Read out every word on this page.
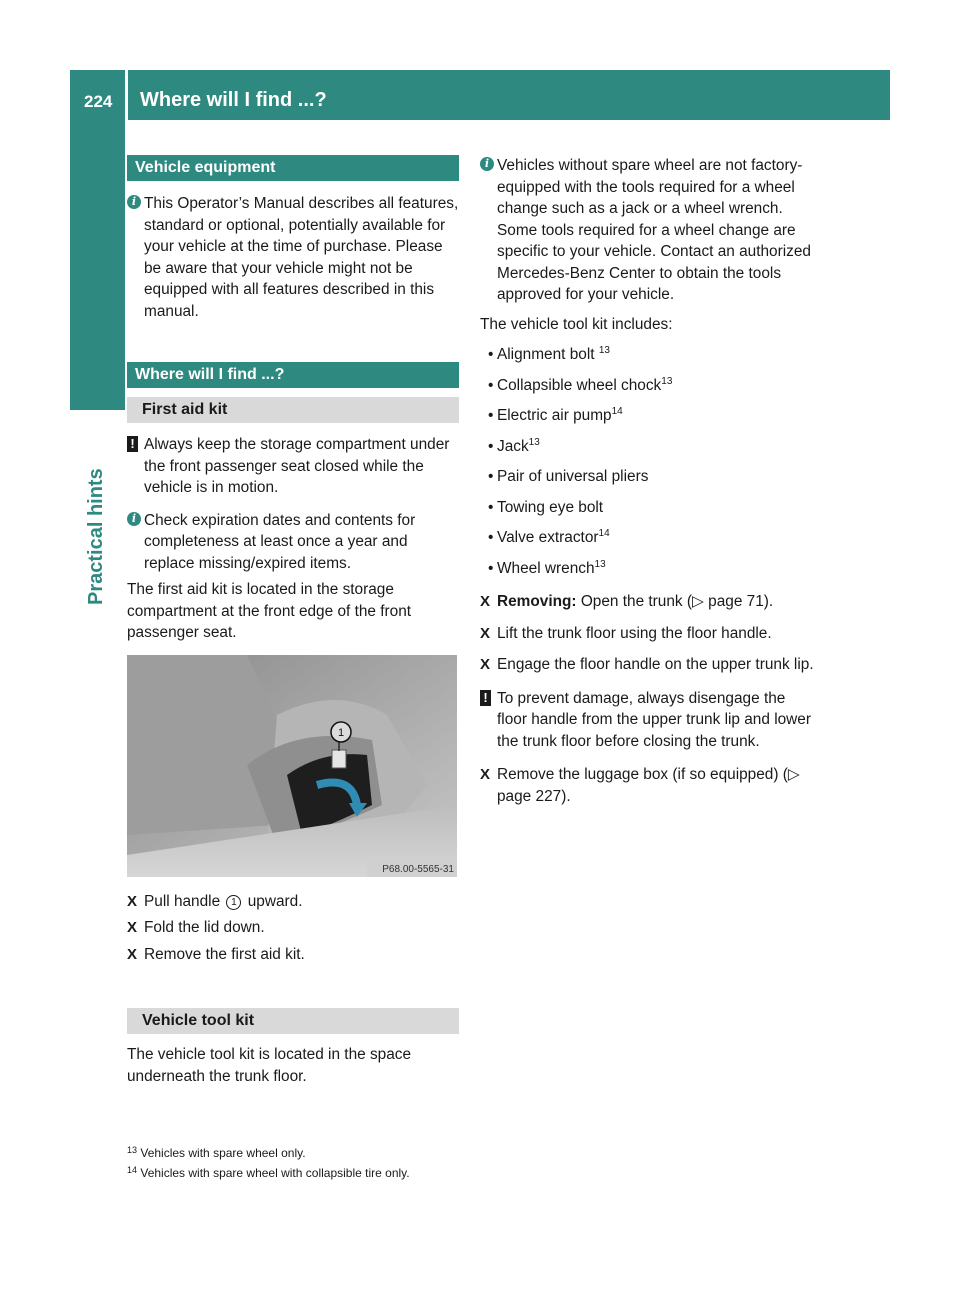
224 Where will I find ...?
Practical hints
Vehicle equipment
i This Operator’s Manual describes all features, standard or optional, potentially available for your vehicle at the time of purchase. Please be aware that your vehicle might not be equipped with all features described in this manual.
Where will I find ...?
First aid kit
! Always keep the storage compartment under the front passenger seat closed while the vehicle is in motion.
i Check expiration dates and contents for completeness at least once a year and replace missing/expired items.
The first aid kit is located in the storage compartment at the front edge of the front passenger seat.
1
P68.00-5565-31
X Pull handle 1 upward.
X Fold the lid down.
X Remove the first aid kit.
Vehicle tool kit
The vehicle tool kit is located in the space underneath the trunk floor.
i Vehicles without spare wheel are not factory-equipped with the tools required for a wheel change such as a jack or a wheel wrench. Some tools required for a wheel change are specific to your vehicle. Contact an authorized Mercedes-Benz Center to obtain the tools approved for your vehicle.
The vehicle tool kit includes:
• Alignment bolt $^{13}$
• Collapsible wheel chock$^{13}$
• Electric air pump$^{14}$
• Jack$^{13}$
• Pair of universal pliers
• Towing eye bolt
• Valve extractor$^{14}$
• Wheel wrench$^{13}$
X Removing: Open the trunk (▷ page 71).
X Lift the trunk floor using the floor handle.
X Engage the floor handle on the upper trunk lip.
! To prevent damage, always disengage the floor handle from the upper trunk lip and lower the trunk floor before closing the trunk.
X Remove the luggage box (if so equipped) (▷ page 227).
$^{13}$ Vehicles with spare wheel only.
$^{14}$ Vehicles with spare wheel with collapsible tire only.
